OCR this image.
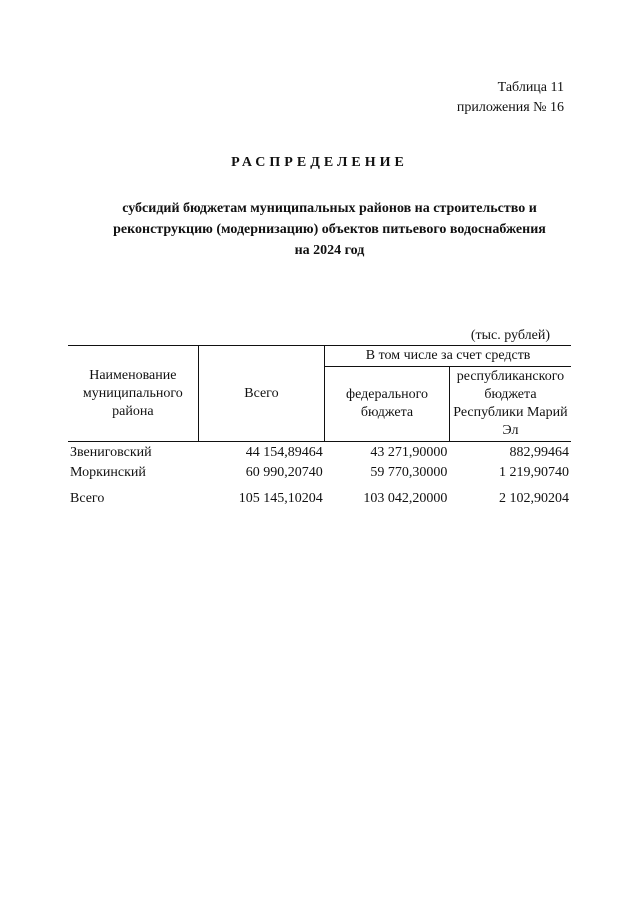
Таблица 11
приложения № 16
РАСПРЕДЕЛЕНИЕ
субсидий бюджетам муниципальных районов на строительство и
реконструкцию (модернизацию) объектов питьевого водоснабжения
на 2024 год
(тыс. рублей)
Наименование муниципального района	Всего	В том числе за счет средств	
		федерального бюджета	республиканского бюджета Республики Марий Эл
Звениговский	44 154,89464	43 271,90000	882,99464
Моркинский	60 990,20740	59 770,30000	1 219,90740
Всего	105 145,10204	103 042,20000	2 102,90204
